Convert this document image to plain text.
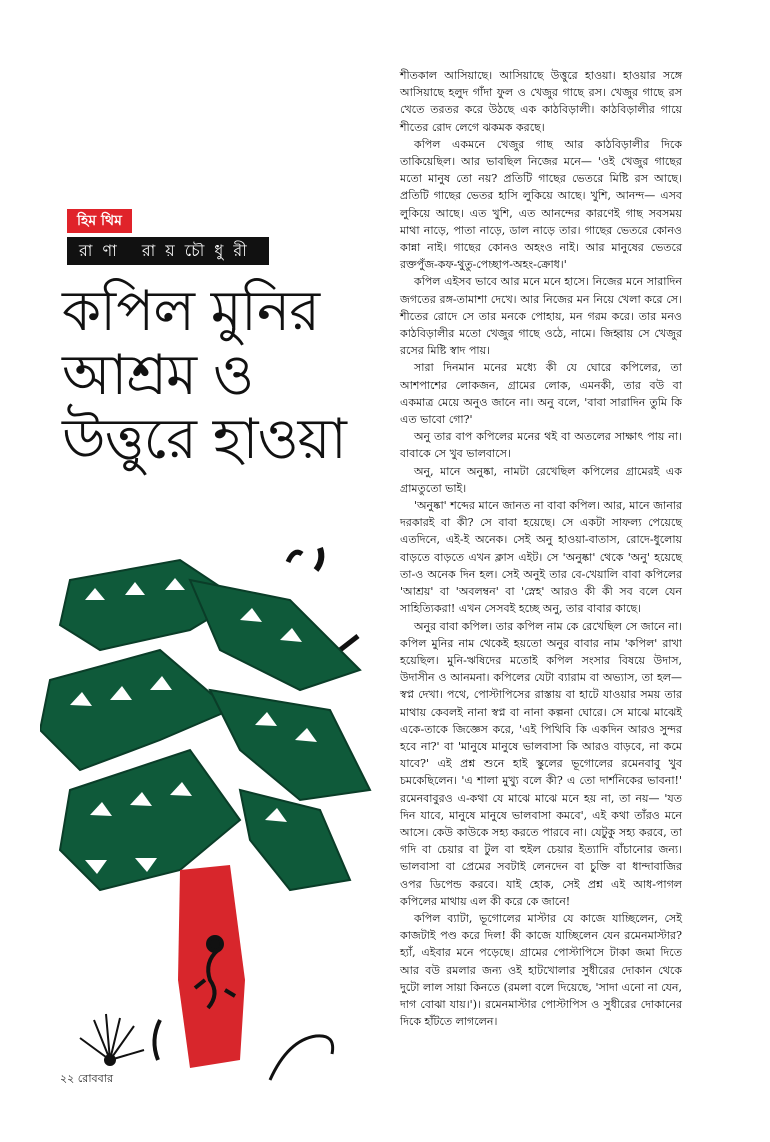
হিম থিম
রাণা রায়চৌধুরী
কপিল মুনির
আশ্রম ও
উত্তুরে হাওয়া

শীতকাল আসিয়াছে। আসিয়াছে উত্তুরে হাওয়া। হাওয়ার সঙ্গে আসিয়াছে হলুদ গাঁদা ফুল ও খেজুর গাছে রস। খেজুর গাছে রস খেতে তরতর করে উঠছে এক কাঠবিড়ালী। কাঠবিড়ালীর গায়ে শীতের রোদ লেগে ঝকমক করছে।

কপিল একমনে খেজুর গাছ আর কাঠবিড়ালীর দিকে তাকিয়েছিল। আর ভাবছিল নিজের মনে— 'ওই খেজুর গাছের মতো মানুষ তো নয়? প্রতিটি গাছের ভেতরে মিষ্টি রস আছে। প্রতিটি গাছের ভেতর হাসি লুকিয়ে আছে। খুশি, আনন্দ— এসব লুকিয়ে আছে। এত খুশি, এত আনন্দের কারণেই গাছ সবসময় মাথা নাড়ে, পাতা নাড়ে, ডাল নাড়ে তার। গাছের ভেতরে কোনও কান্না নাই। গাছের কোনও অহংও নাই। আর মানুষের ভেতরে রক্তপুঁজ-কফ-থুতু-পেচ্ছাপ-অহং-ক্রোধ।'

কপিল এইসব ভাবে আর মনে মনে হাসে। নিজের মনে সারাদিন জগতের রঙ্গ-তামাশা দেখে। আর নিজের মন নিয়ে খেলা করে সে। শীতের রোদে সে তার মনকে পোহায়, মন গরম করে। তার মনও কাঠবিড়ালীর মতো খেজুর গাছে ওঠে, নামে। জিহ্বায় সে খেজুর রসের মিষ্টি স্বাদ পায়।

সারা দিনমান মনের মধ্যে কী যে ঘোরে কপিলের, তা আশপাশের লোকজন, গ্রামের লোক, এমনকী, তার বউ বা একমাত্র মেয়ে অনুও জানে না। অনু বলে, 'বাবা সারাদিন তুমি কি এত ভাবো গো?'

অনু তার বাপ কপিলের মনের থই বা অতলের সাক্ষাৎ পায় না। বাবাকে সে খুব ভালবাসে।

অনু, মানে অনুষ্কা, নামটা রেখেছিল কপিলের গ্রামেরই এক গ্রামতুতো ভাই।

'অনুষ্কা' শব্দের মানে জানত না বাবা কপিল। আর, মানে জানার দরকারই বা কী? সে বাবা হয়েছে। সে একটা সাফল্য পেয়েছে এতদিনে, এই-ই অনেক। সেই অনু হাওয়া-বাতাস, রোদে-ধুলোয় বাড়তে বাড়তে এখন ক্লাস এইট। সে 'অনুষ্কা' থেকে 'অনু' হয়েছে তা-ও অনেক দিন হল। সেই অনুই তার বে-খেয়ালি বাবা কপিলের 'আশ্রয়' বা 'অবলম্বন' বা 'স্নেহ' আরও কী কী সব বলে যেন সাহিত্যিকরা! এখন সেসবই হচ্ছে অনু, তার বাবার কাছে।

অনুর বাবা কপিল। তার কপিল নাম কে রেখেছিল সে জানে না। কপিল মুনির নাম থেকেই হয়তো অনুর বাবার নাম 'কপিল' রাখা হয়েছিল। মুনি-ঋষিদের মতোই কপিল সংসার বিষয়ে উদাস, উদাসীন ও আনমনা। কপিলের যেটা ব্যারাম বা অভ্যাস, তা হল— স্বপ্ন দেখা। পথে, পোস্টাপিসের রাস্তায় বা হাটে যাওয়ার সময় তার মাথায় কেবলই নানা স্বপ্ন বা নানা কল্পনা ঘোরে। সে মাঝে মাঝেই একে-তাকে জিজ্ঞেস করে, 'এই পিথিবি কি একদিন আরও সুন্দর হবে না?' বা 'মানুষে মানুষে ভালবাসা কি আরও বাড়বে, না কমে যাবে?' এই প্রশ্ন শুনে হাই স্কুলের ভূগোলের রমেনবাবু খুব চমকেছিলেন। 'এ শালা মুখ্যু বলে কী? এ তো দার্শনিকের ভাবনা!' রমেনবাবুরও এ-কথা যে মাঝে মাঝে মনে হয় না, তা নয়— 'যত দিন যাবে, মানুষে মানুষে ভালবাসা কমবে', এই কথা তাঁরও মনে আসে। কেউ কাউকে সহ্য করতে পারবে না। যেটুকু সহ্য করবে, তা গদি বা চেয়ার বা টুল বা হুইল চেয়ার ইত্যাদি বাঁচানোর জন্য। ভালবাসা বা প্রেমের সবটাই লেনদেন বা চুক্তি বা ধান্দাবাজির ওপর ডিপেন্ড করবে। যাই হোক, সেই প্রশ্ন এই আধ-পাগল কপিলের মাথায় এল কী করে কে জানে!

কপিল ব্যাটা, ভূগোলের মাস্টার যে কাজে যাচ্ছিলেন, সেই কাজটাই পণ্ড করে দিল! কী কাজে যাচ্ছিলেন যেন রমেনমাস্টার? হ্যাঁ, এইবার মনে পড়েছে। গ্রামের পোস্টাপিসে টাকা জমা দিতে আর বউ রমলার জন্য ওই হাটখোলার সুধীরের দোকান থেকে দুটো লাল সায়া কিনতে (রমলা বলে দিয়েছে, 'সাদা এনো না যেন, দাগ বোঝা যায়।')। রমেনমাস্টার পোস্টাপিস ও সুধীরের দোকানের দিকে হাঁটতে লাগলেন।

২২ রোববার
